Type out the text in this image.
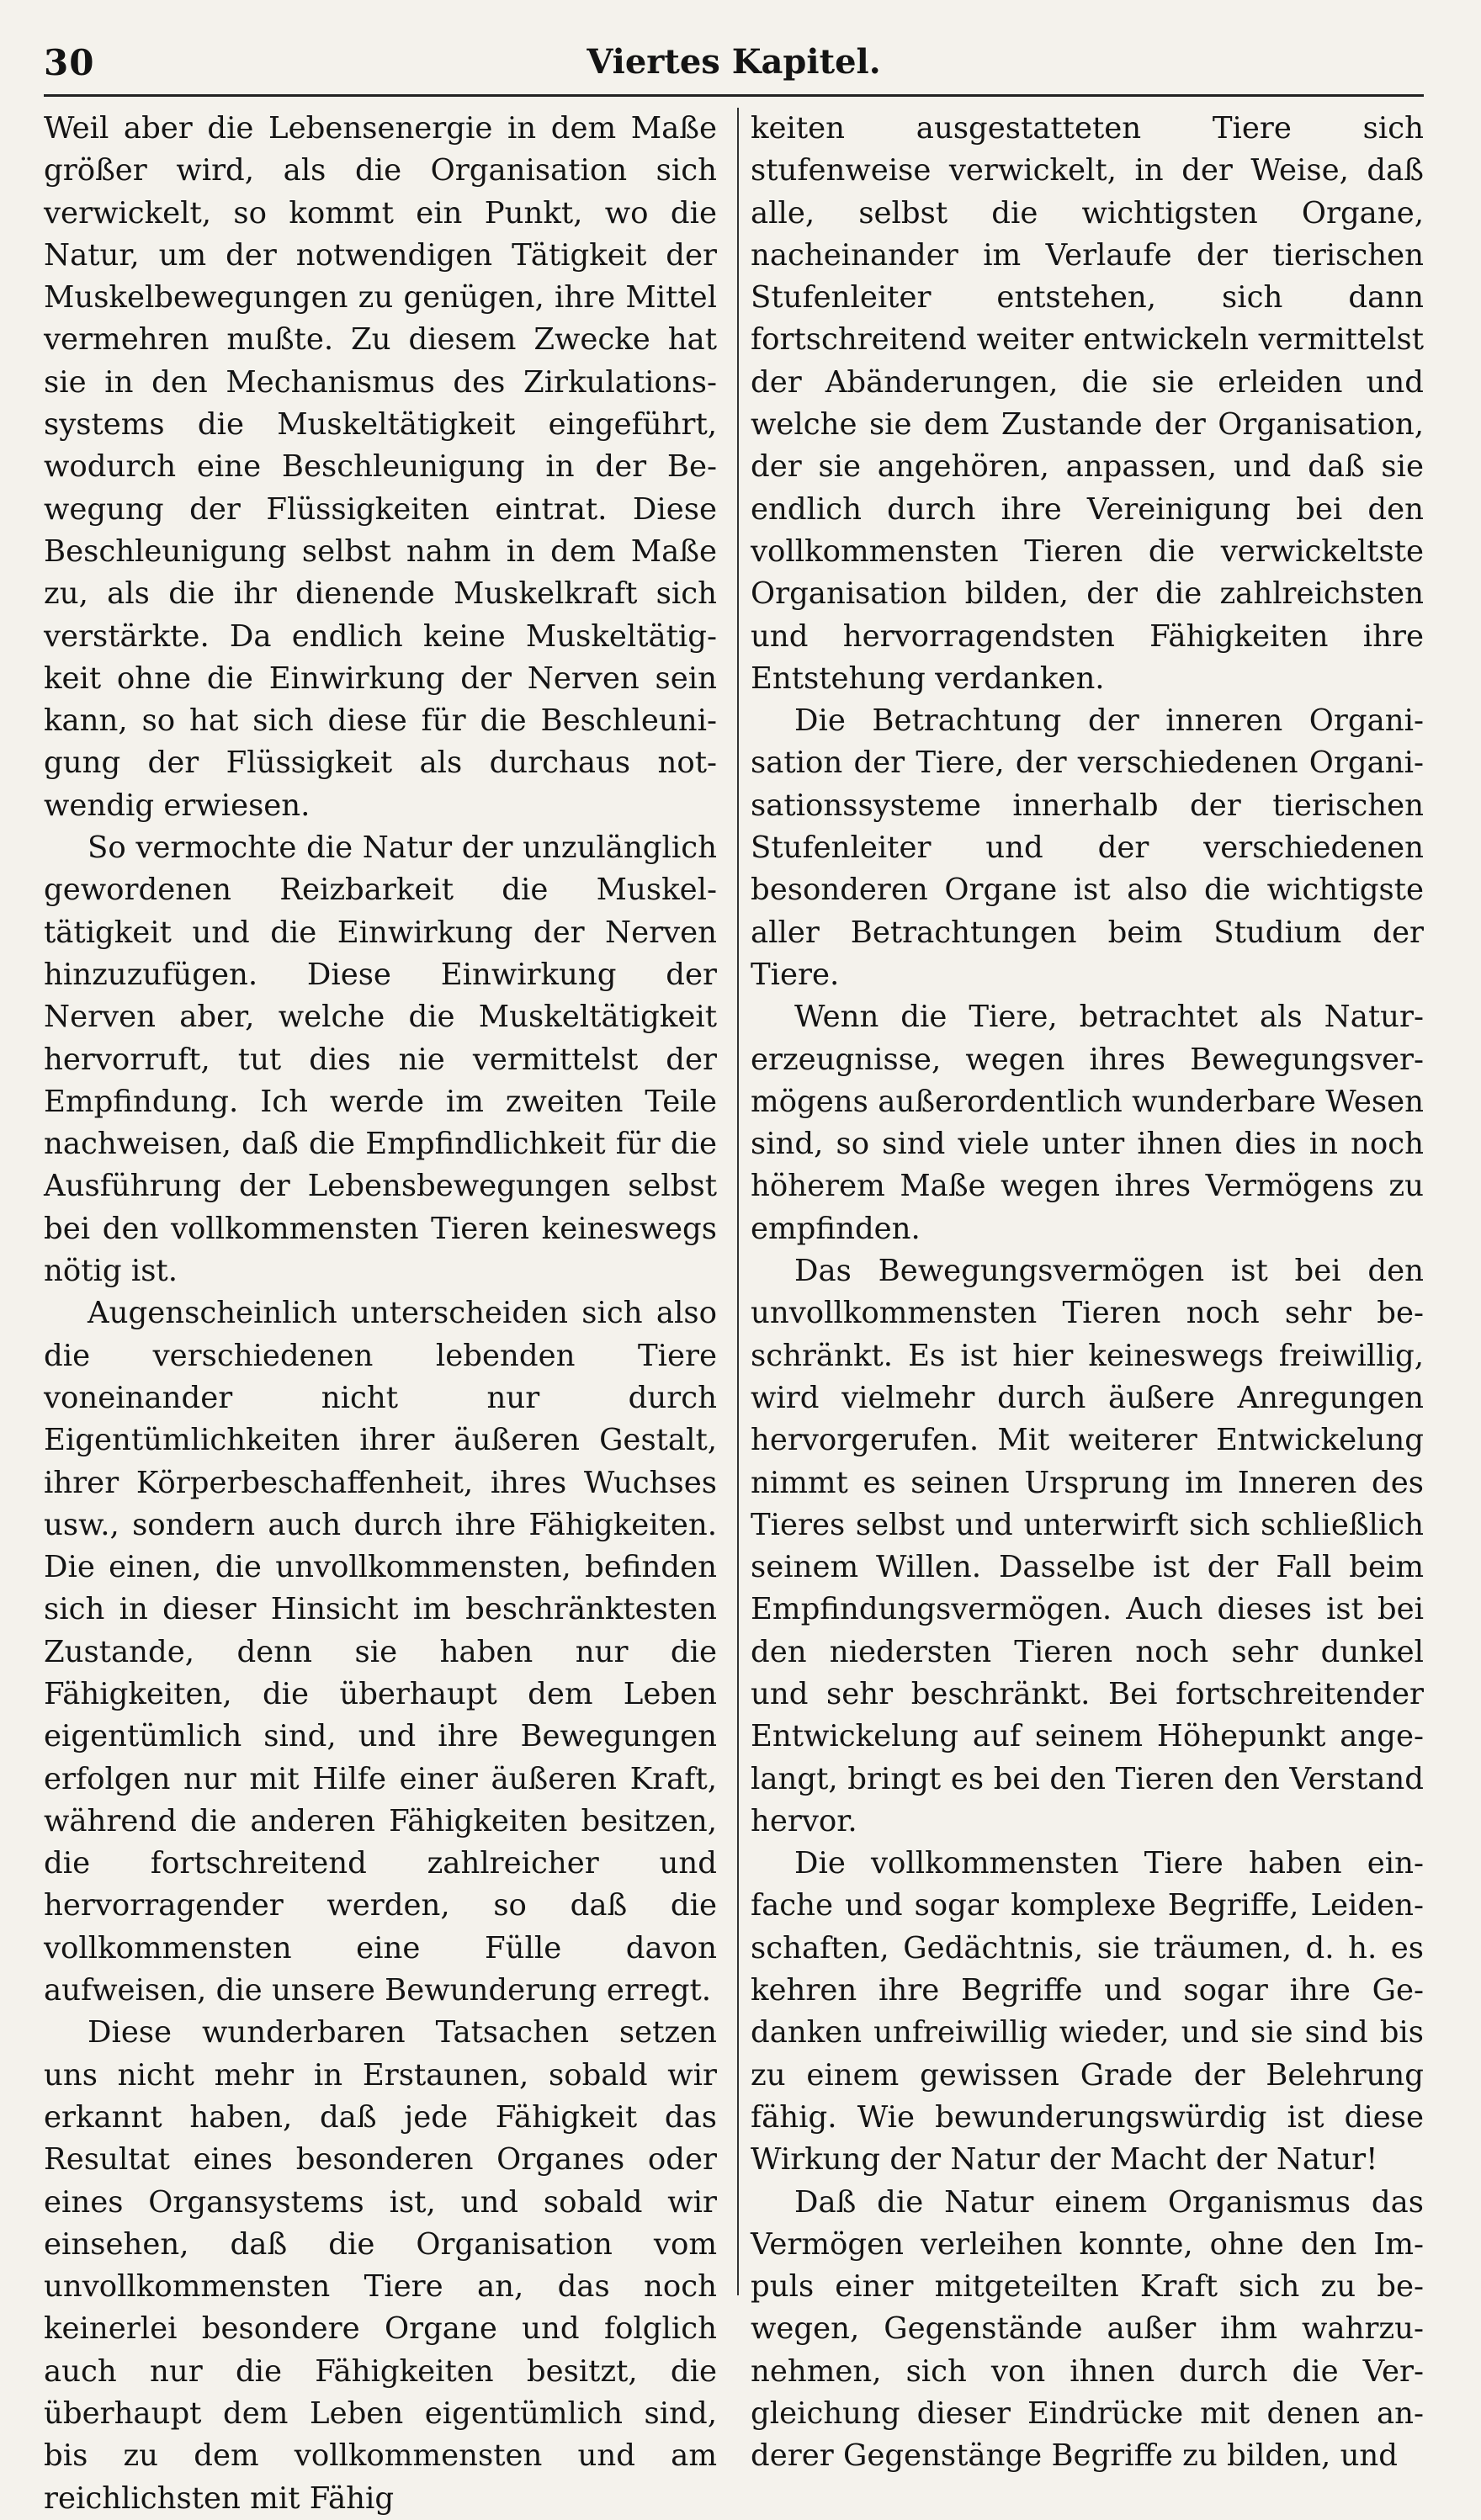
30	Viertes Kapitel.

Weil aber die Lebensenergie in dem Maße größer wird, als die Organisation sich verwickelt, so kommt ein Punkt, wo die Natur, um der notwendigen Tätigkeit der Muskelbewegungen zu genügen, ihre Mittel vermehren mußte. Zu diesem Zwecke hat sie in den Mechanismus des Zirkulationssystems die Muskeltätigkeit eingeführt, wodurch eine Beschleunigung in der Bewegung der Flüssigkeiten eintrat. Diese Beschleunigung selbst nahm in dem Maße zu, als die ihr dienende Muskelkraft sich verstärkte. Da endlich keine Muskeltätigkeit ohne die Einwirkung der Nerven sein kann, so hat sich diese für die Beschleunigung der Flüssigkeit als durchaus notwendig erwiesen.

So vermochte die Natur der unzulänglich gewordenen Reizbarkeit die Muskeltätigkeit und die Einwirkung der Nerven hinzuzufügen. Diese Einwirkung der Nerven aber, welche die Muskeltätigkeit hervorruft, tut dies nie vermittelst der Empfindung. Ich werde im zweiten Teile nachweisen, daß die Empfindlichkeit für die Ausführung der Lebensbewegungen selbst bei den vollkommensten Tieren keineswegs nötig ist.

Augenscheinlich unterscheiden sich also die verschiedenen lebenden Tiere voneinander nicht nur durch Eigentümlichkeiten ihrer äußeren Gestalt, ihrer Körperbeschaffenheit, ihres Wuchses usw., sondern auch durch ihre Fähigkeiten. Die einen, die unvollkommensten, befinden sich in dieser Hinsicht im beschränktesten Zustande, denn sie haben nur die Fähigkeiten, die überhaupt dem Leben eigentümlich sind, und ihre Bewegungen erfolgen nur mit Hilfe einer äußeren Kraft, während die anderen Fähigkeiten besitzen, die fortschreitend zahlreicher und hervorragender werden, so daß die vollkommensten eine Fülle davon aufweisen, die unsere Bewunderung erregt.

Diese wunderbaren Tatsachen setzen uns nicht mehr in Erstaunen, sobald wir erkannt haben, daß jede Fähigkeit das Resultat eines besonderen Organes oder eines Organsystems ist, und sobald wir einsehen, daß die Organisation vom unvollkommensten Tiere an, das noch keinerlei besondere Organe und folglich auch nur die Fähigkeiten besitzt, die überhaupt dem Leben eigentümlich sind, bis zu dem vollkommensten und am reichlichsten mit Fähig

keiten ausgestatteten Tiere sich stufenweise verwickelt, in der Weise, daß alle, selbst die wichtigsten Organe, nacheinander im Verlaufe der tierischen Stufenleiter entstehen, sich dann fortschreitend weiter entwickeln vermittelst der Abänderungen, die sie erleiden und welche sie dem Zustande der Organisation, der sie angehören, anpassen, und daß sie endlich durch ihre Vereinigung bei den vollkommensten Tieren die verwickeltste Organisation bilden, der die zahlreichsten und hervorragendsten Fähigkeiten ihre Entstehung verdanken.

Die Betrachtung der inneren Organisation der Tiere, der verschiedenen Organisationssysteme innerhalb der tierischen Stufenleiter und der verschiedenen besonderen Organe ist also die wichtigste aller Betrachtungen beim Studium der Tiere.

Wenn die Tiere, betrachtet als Naturerzeugnisse, wegen ihres Bewegungsvermögens außerordentlich wunderbare Wesen sind, so sind viele unter ihnen dies in noch höherem Maße wegen ihres Vermögens zu empfinden.

Das Bewegungsvermögen ist bei den unvollkommensten Tieren noch sehr beschränkt. Es ist hier keineswegs freiwillig, wird vielmehr durch äußere Anregungen hervorgerufen. Mit weiterer Entwickelung nimmt es seinen Ursprung im Inneren des Tieres selbst und unterwirft sich schließlich seinem Willen. Dasselbe ist der Fall beim Empfindungsvermögen. Auch dieses ist bei den niedersten Tieren noch sehr dunkel und sehr beschränkt. Bei fortschreitender Entwickelung auf seinem Höhepunkt angelangt, bringt es bei den Tieren den Verstand hervor.

Die vollkommensten Tiere haben einfache und sogar komplexe Begriffe, Leidenschaften, Gedächtnis, sie träumen, d. h. es kehren ihre Begriffe und sogar ihre Gedanken unfreiwillig wieder, und sie sind bis zu einem gewissen Grade der Belehrung fähig. Wie bewunderungswürdig ist diese Wirkung der Natur der Macht der Natur!

Daß die Natur einem Organismus das Vermögen verleihen konnte, ohne den Impuls einer mitgeteilten Kraft sich zu bewegen, Gegenstände außer ihm wahrzunehmen, sich von ihnen durch die Vergleichung dieser Eindrücke mit denen anderer Gegenstänge Begriffe zu bilden, und
